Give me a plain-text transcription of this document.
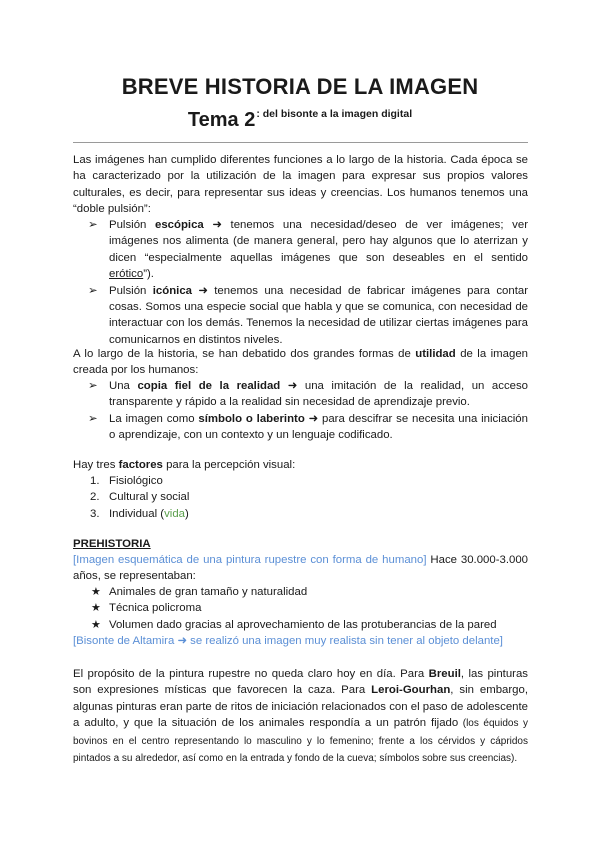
BREVE HISTORIA DE LA IMAGEN
Tema $2^{: del bisonte a la imagen digital}$
Las imágenes han cumplido diferentes funciones a lo largo de la historia. Cada época se ha caracterizado por la utilización de la imagen para expresar sus propios valores culturales, es decir, para representar sus ideas y creencias. Los humanos tenemos una “doble pulsión”:
➢ Pulsión escópica ➜ tenemos una necesidad/deseo de ver imágenes; ver imágenes nos alimenta (de manera general, pero hay algunos que lo aterrizan y dicen “especialmente aquellas imágenes que son deseables en el sentido erótico”).
➢ Pulsión icónica ➜ tenemos una necesidad de fabricar imágenes para contar cosas. Somos una especie social que habla y que se comunica, con necesidad de interactuar con los demás. Tenemos la necesidad de utilizar ciertas imágenes para comunicarnos en distintos niveles.
A lo largo de la historia, se han debatido dos grandes formas de utilidad de la imagen creada por los humanos:
➢ Una copia fiel de la realidad ➜ una imitación de la realidad, un acceso transparente y rápido a la realidad sin necesidad de aprendizaje previo.
➢ La imagen como símbolo o laberinto ➜ para descifrar se necesita una iniciación o aprendizaje, con un contexto y un lenguaje codificado.
Hay tres factores para la percepción visual:
1. Fisiológico
2. Cultural y social
3. Individual (vida)
PREHISTORIA
[Imagen esquemática de una pintura rupestre con forma de humano] Hace 30.000-3.000 años, se representaban:
★ Animales de gran tamaño y naturalidad
★ Técnica policroma
★ Volumen dado gracias al aprovechamiento de las protuberancias de la pared
[Bisonte de Altamira ➜ se realizó una imagen muy realista sin tener al objeto delante]
El propósito de la pintura rupestre no queda claro hoy en día. Para Breuil, las pinturas son expresiones místicas que favorecen la caza. Para Leroi-Gourhan, sin embargo, algunas pinturas eran parte de ritos de iniciación relacionados con el paso de adolescente a adulto, y que la situación de los animales respondía a un patrón fijado (los équidos y bovinos en el centro representando lo masculino y lo femenino; frente a los cérvidos y cápridos pintados a su alrededor, así como en la entrada y fondo de la cueva; símbolos sobre sus creencias).
